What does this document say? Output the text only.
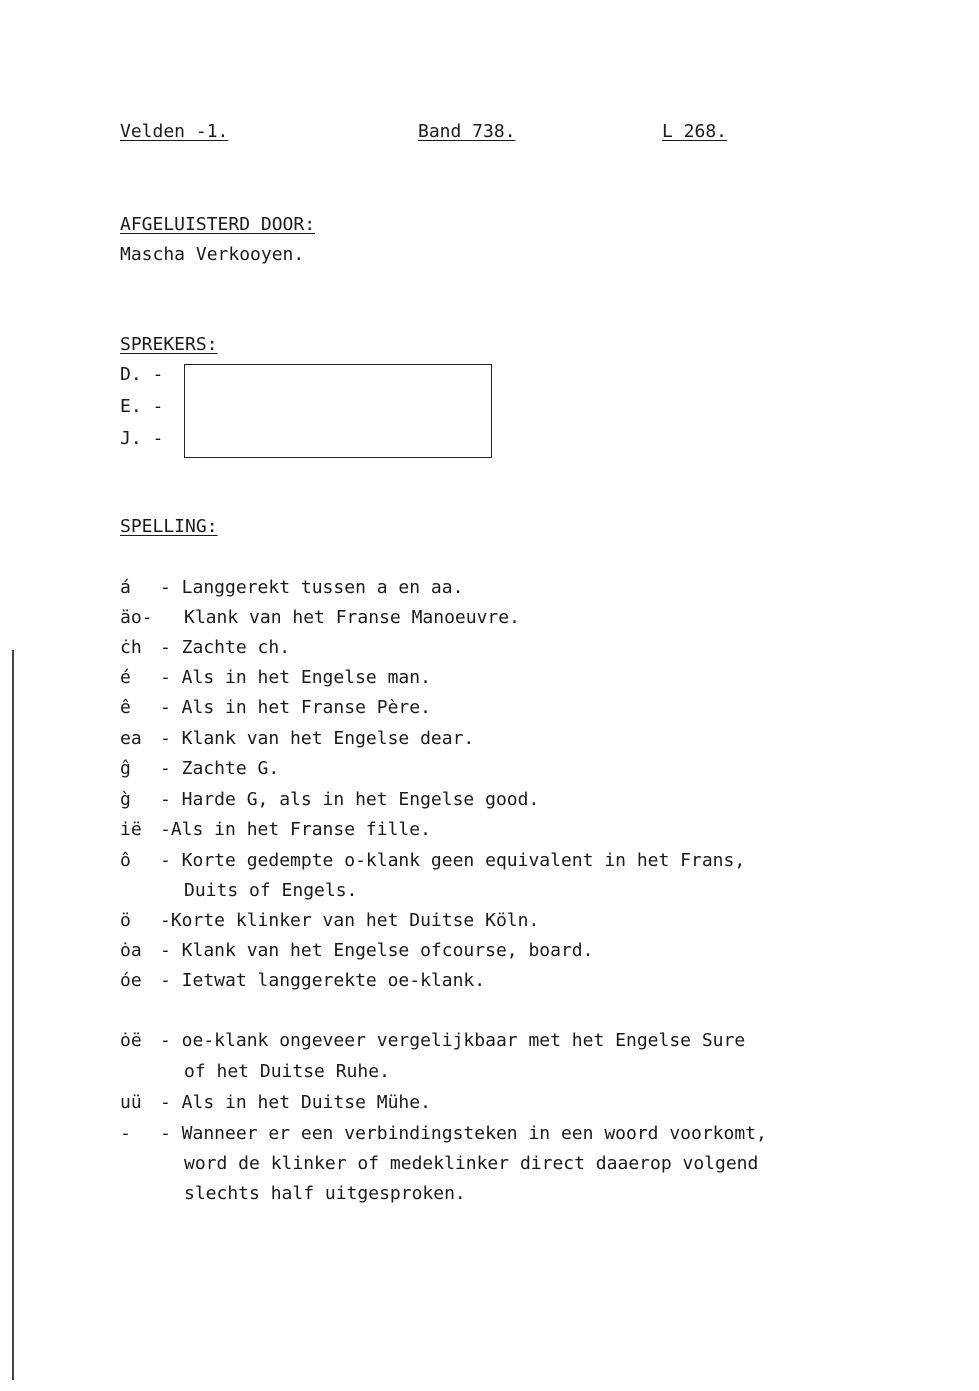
Velden -1.	Band 738.	L 268.
AFGELUISTERD DOOR:
Mascha Verkooyen.
SPREKERS:
D. -
E. -
J. -
SPELLING:
á - Langgerekt tussen a en aa.
äo- Klank van het Franse Manoeuvre.
ċh - Zachte ch.
é - Als in het Engelse man.
ê - Als in het Franse Père.
ea - Klank van het Engelse dear.
ĝ - Zachte G.
g̀ - Harde G, als in het Engelse good.
ië -Als in het Franse fille.
ô - Korte gedempte o-klank geen equivalent in het Frans,
Duits of Engels.
ö -Korte klinker van het Duitse Köln.
ȯa - Klank van het Engelse ofcourse, board.
óe - Ietwat langgerekte oe-klank.
ȯë - oe-klank ongeveer vergelijkbaar met het Engelse Sure
of het Duitse Ruhe.
uü - Als in het Duitse Mühe.
- - Wanneer er een verbindingsteken in een woord voorkomt,
word de klinker of medeklinker direct daaerop volgend
slechts half uitgesproken.
